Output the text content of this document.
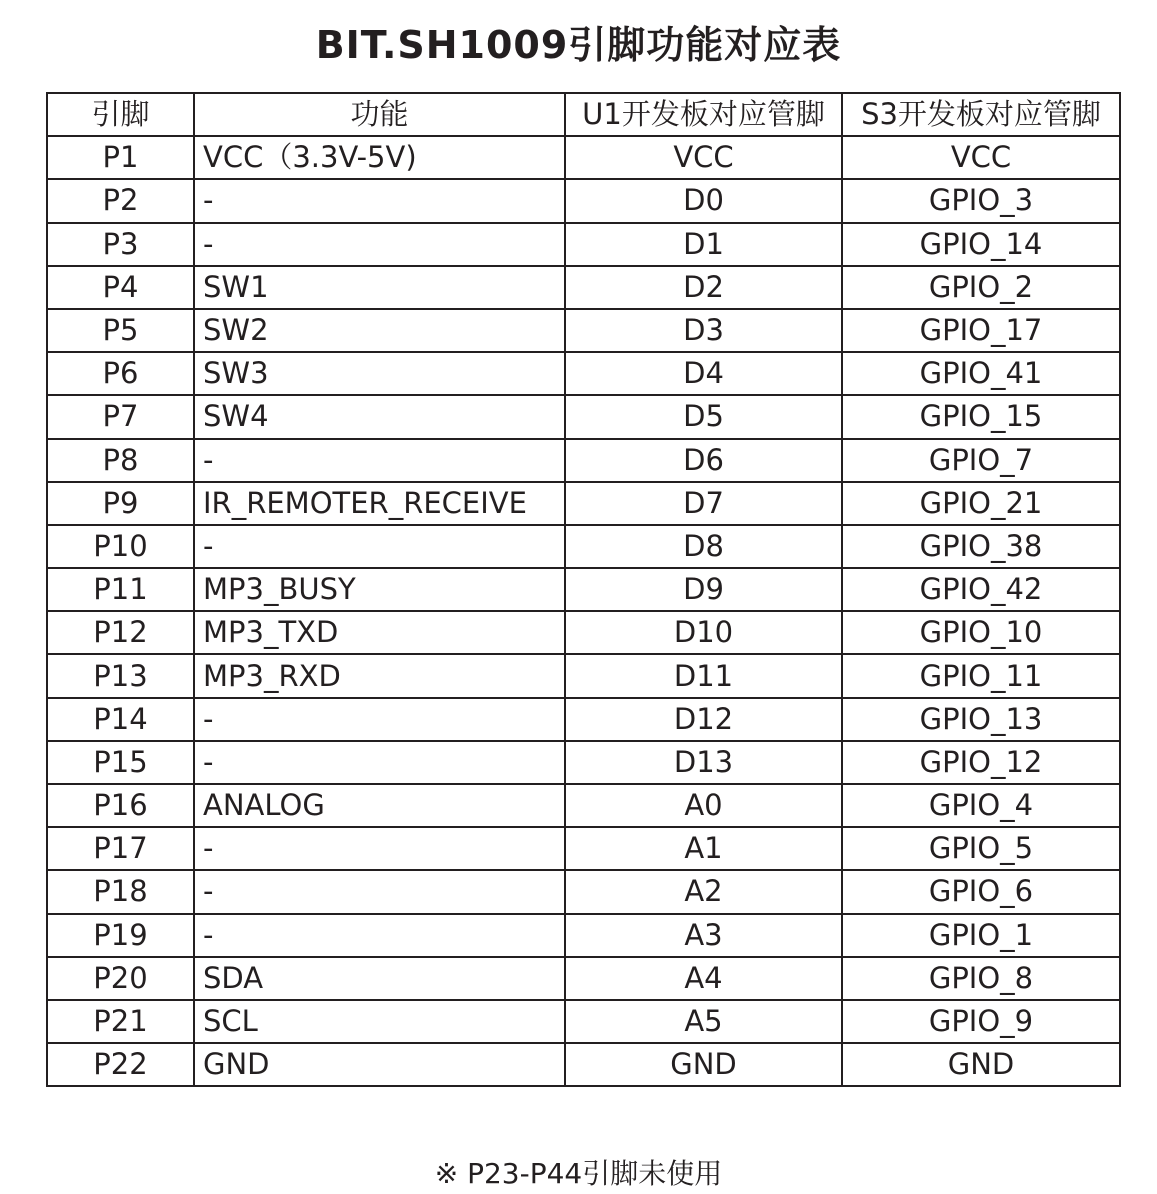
BIT.SH1009引脚功能对应表
引脚	功能	U1开发板对应管脚	S3开发板对应管脚
P1	VCC（3.3V-5V)	VCC	VCC
P2	-	D0	GPIO_3
P3	-	D1	GPIO_14
P4	SW1	D2	GPIO_2
P5	SW2	D3	GPIO_17
P6	SW3	D4	GPIO_41
P7	SW4	D5	GPIO_15
P8	-	D6	GPIO_7
P9	IR_REMOTER_RECEIVE	D7	GPIO_21
P10	-	D8	GPIO_38
P11	MP3_BUSY	D9	GPIO_42
P12	MP3_TXD	D10	GPIO_10
P13	MP3_RXD	D11	GPIO_11
P14	-	D12	GPIO_13
P15	-	D13	GPIO_12
P16	ANALOG	A0	GPIO_4
P17	-	A1	GPIO_5
P18	-	A2	GPIO_6
P19	-	A3	GPIO_1
P20	SDA	A4	GPIO_8
P21	SCL	A5	GPIO_9
P22	GND	GND	GND
※ P23-P44引脚未使用
